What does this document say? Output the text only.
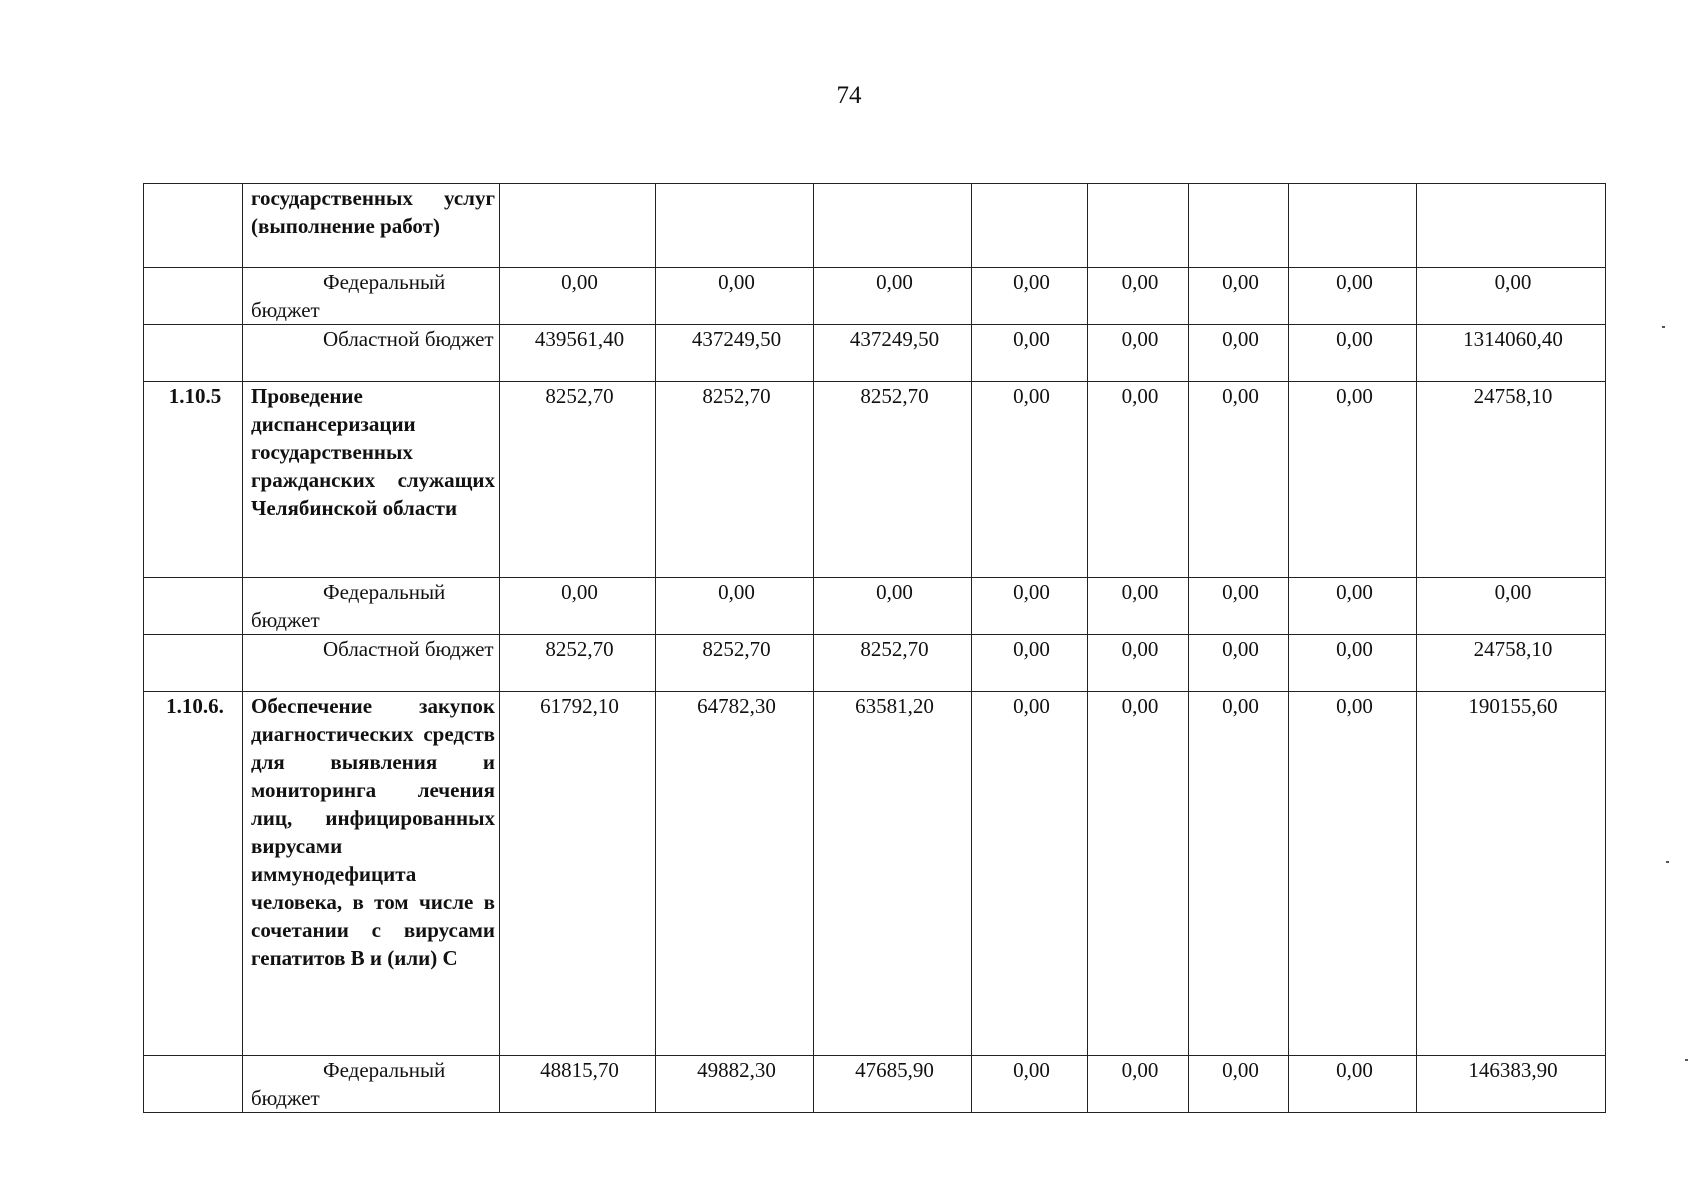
74
	государственных услуг (выполнение работ)								

	Федеральный бюджет	0,00	0,00	0,00	0,00	0,00	0,00	0,00	0,00

	Областной бюджет	439561,40	437249,50	437249,50	0,00	0,00	0,00	0,00	1314060,40
1.10.5	Проведение диспансеризации государственных гражданских служащих Челябинской области	8252,70	8252,70	8252,70	0,00	0,00	0,00	0,00	24758,10

	Федеральный бюджет	0,00	0,00	0,00	0,00	0,00	0,00	0,00	0,00

	Областной бюджет	8252,70	8252,70	8252,70	0,00	0,00	0,00	0,00	24758,10
1.10.6.	Обеспечение закупок диагностических средств для выявления и мониторинга лечения лиц, инфицированных вирусами иммунодефицита человека, в том числе в сочетании с вирусами гепатитов В и (или) С	61792,10	64782,30	63581,20	0,00	0,00	0,00	0,00	190155,60

	Федеральный бюджет	48815,70	49882,30	47685,90	0,00	0,00	0,00	0,00	146383,90
